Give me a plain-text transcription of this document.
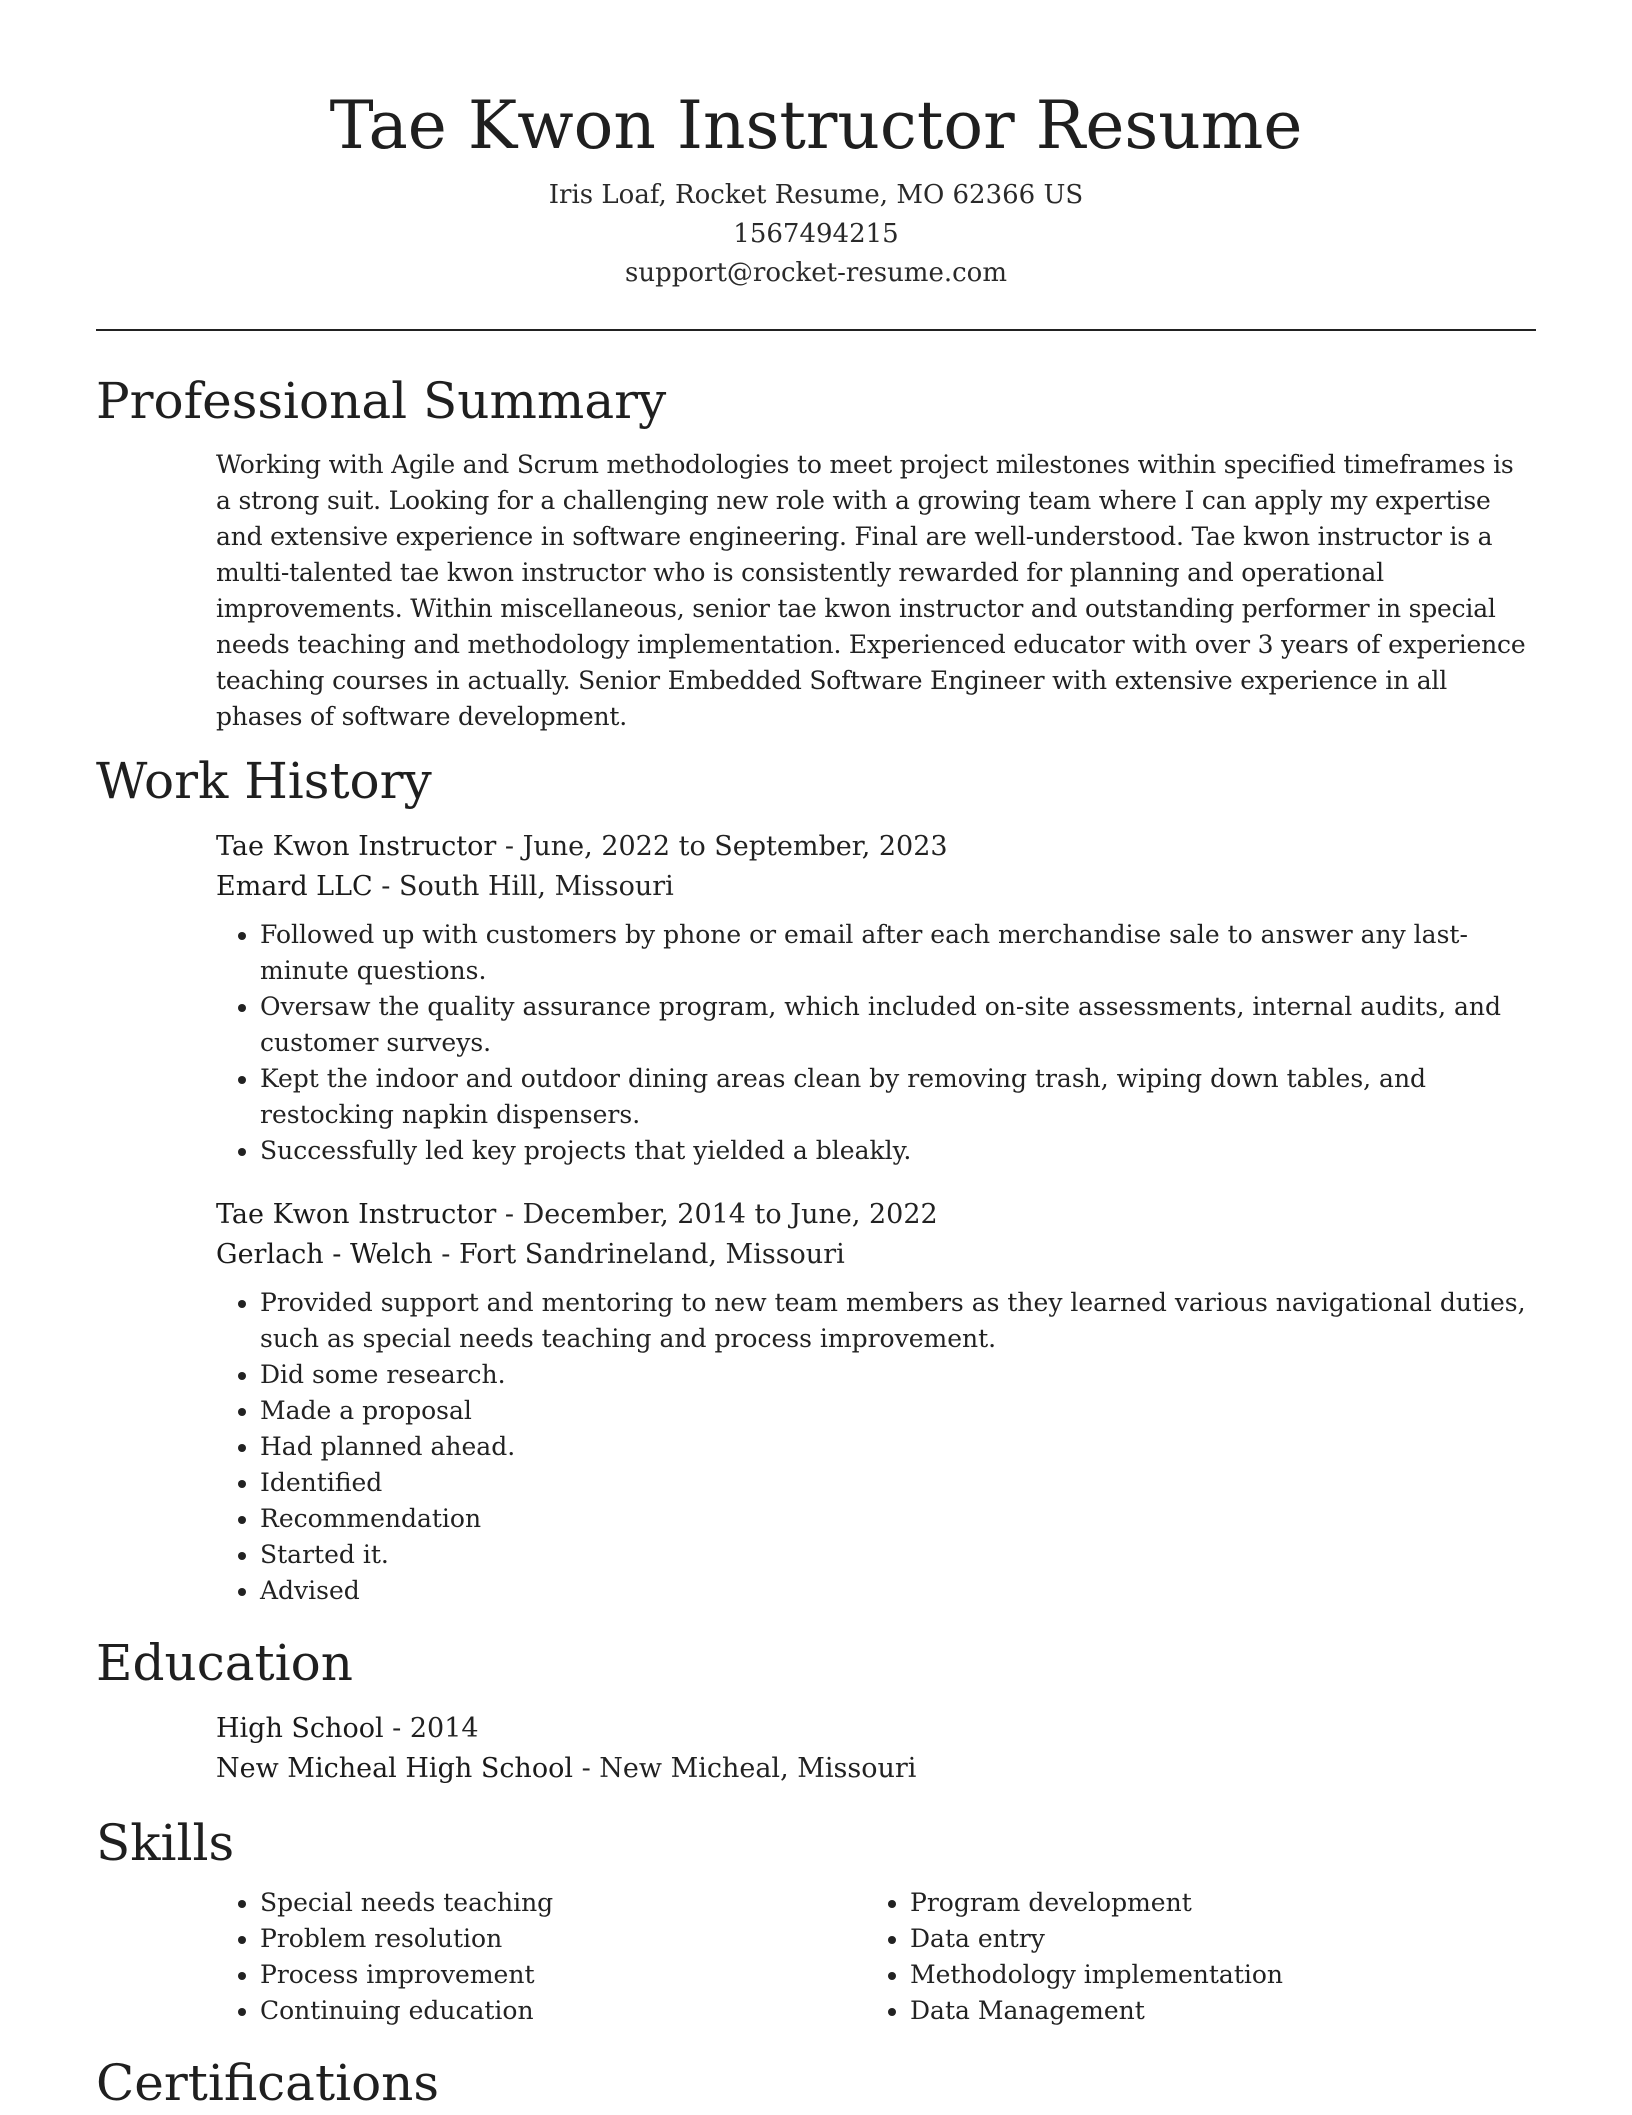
Tae Kwon Instructor Resume
Iris Loaf, Rocket Resume, MO 62366 US
1567494215
support@rocket-resume.com
Professional Summary
Working with Agile and Scrum methodologies to meet project milestones within specified timeframes is a strong suit. Looking for a challenging new role with a growing team where I can apply my expertise and extensive experience in software engineering. Final are well-understood. Tae kwon instructor is a multi-talented tae kwon instructor who is consistently rewarded for planning and operational improvements. Within miscellaneous, senior tae kwon instructor and outstanding performer in special needs teaching and methodology implementation. Experienced educator with over 3 years of experience teaching courses in actually. Senior Embedded Software Engineer with extensive experience in all phases of software development.
Work History
Tae Kwon Instructor - June, 2022 to September, 2023
Emard LLC - South Hill, Missouri
• Followed up with customers by phone or email after each merchandise sale to answer any last-minute questions.
• Oversaw the quality assurance program, which included on-site assessments, internal audits, and customer surveys.
• Kept the indoor and outdoor dining areas clean by removing trash, wiping down tables, and restocking napkin dispensers.
• Successfully led key projects that yielded a bleakly.
Tae Kwon Instructor - December, 2014 to June, 2022
Gerlach - Welch - Fort Sandrineland, Missouri
• Provided support and mentoring to new team members as they learned various navigational duties, such as special needs teaching and process improvement.
• Did some research.
• Made a proposal
• Had planned ahead.
• Identified
• Recommendation
• Started it.
• Advised
Education
High School - 2014
New Micheal High School - New Micheal, Missouri
Skills
• Special needs teaching
• Problem resolution
• Process improvement
• Continuing education
• Program development
• Data entry
• Methodology implementation
• Data Management
Certifications
